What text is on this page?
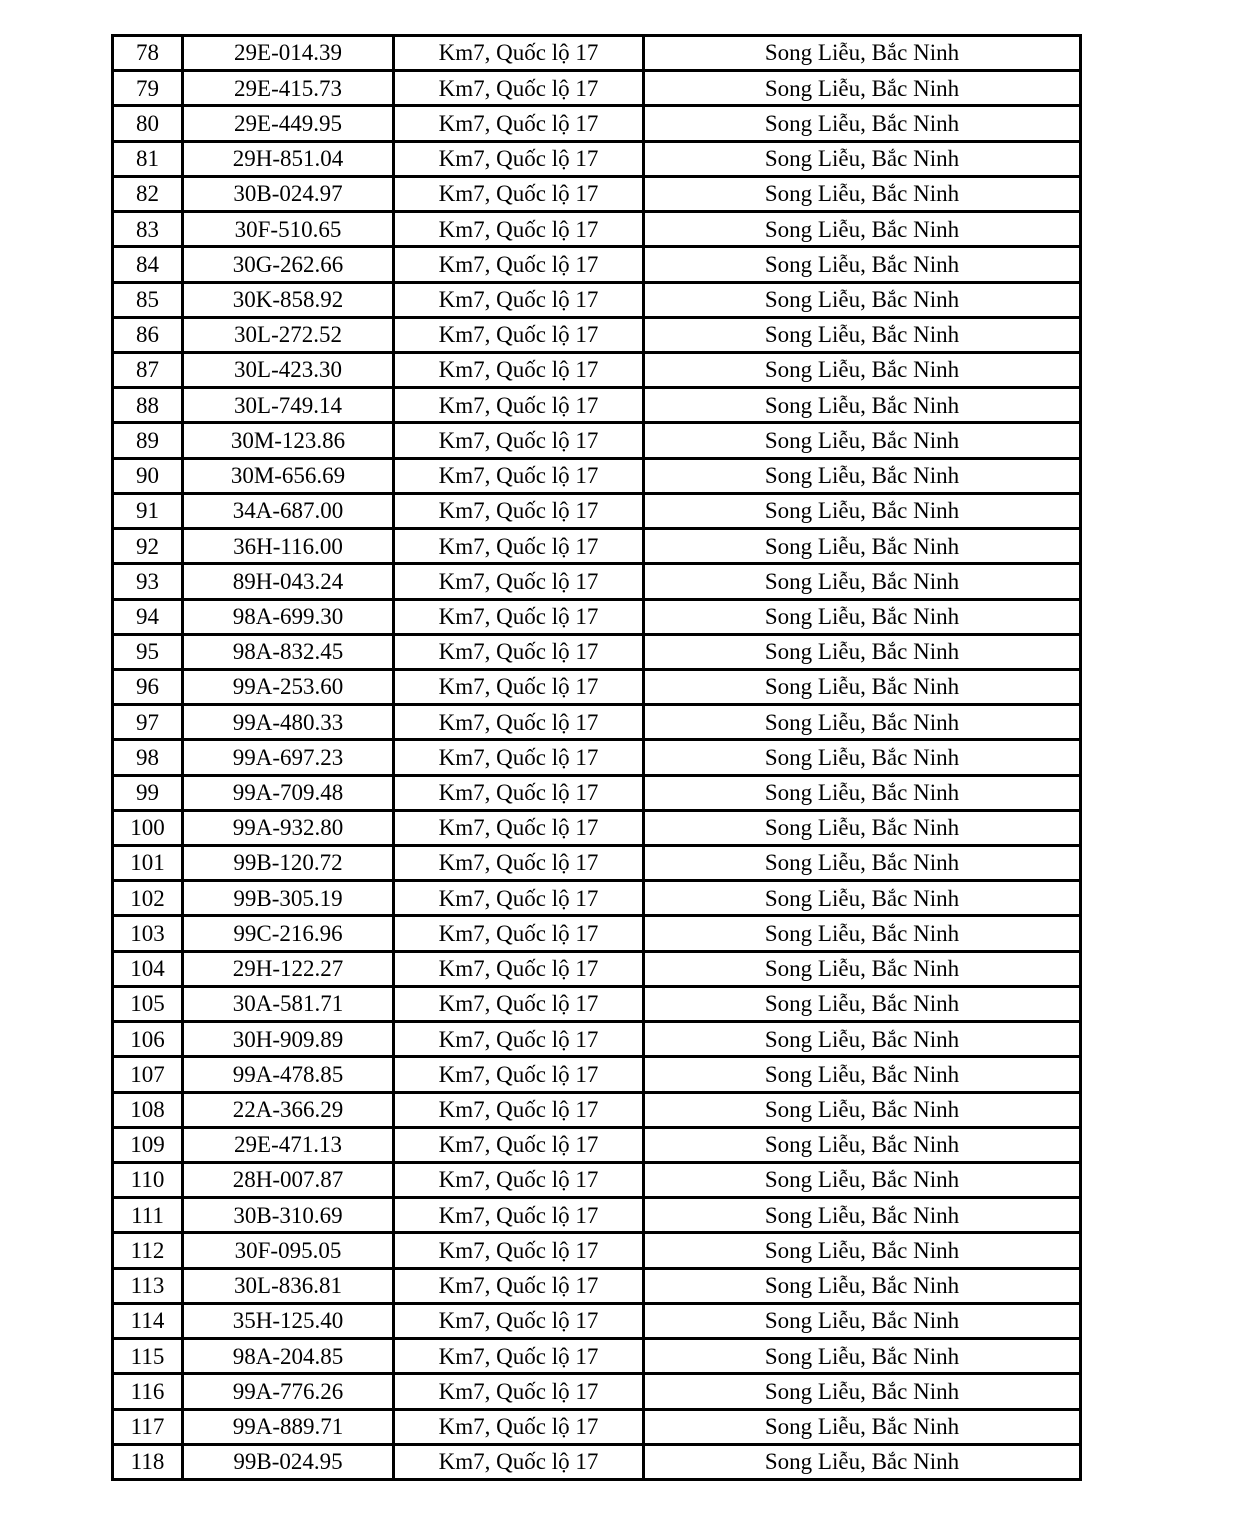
78	29E-014.39	Km7, Quốc lộ 17	Song Liễu, Bắc Ninh
79	29E-415.73	Km7, Quốc lộ 17	Song Liễu, Bắc Ninh
80	29E-449.95	Km7, Quốc lộ 17	Song Liễu, Bắc Ninh
81	29H-851.04	Km7, Quốc lộ 17	Song Liễu, Bắc Ninh
82	30B-024.97	Km7, Quốc lộ 17	Song Liễu, Bắc Ninh
83	30F-510.65	Km7, Quốc lộ 17	Song Liễu, Bắc Ninh
84	30G-262.66	Km7, Quốc lộ 17	Song Liễu, Bắc Ninh
85	30K-858.92	Km7, Quốc lộ 17	Song Liễu, Bắc Ninh
86	30L-272.52	Km7, Quốc lộ 17	Song Liễu, Bắc Ninh
87	30L-423.30	Km7, Quốc lộ 17	Song Liễu, Bắc Ninh
88	30L-749.14	Km7, Quốc lộ 17	Song Liễu, Bắc Ninh
89	30M-123.86	Km7, Quốc lộ 17	Song Liễu, Bắc Ninh
90	30M-656.69	Km7, Quốc lộ 17	Song Liễu, Bắc Ninh
91	34A-687.00	Km7, Quốc lộ 17	Song Liễu, Bắc Ninh
92	36H-116.00	Km7, Quốc lộ 17	Song Liễu, Bắc Ninh
93	89H-043.24	Km7, Quốc lộ 17	Song Liễu, Bắc Ninh
94	98A-699.30	Km7, Quốc lộ 17	Song Liễu, Bắc Ninh
95	98A-832.45	Km7, Quốc lộ 17	Song Liễu, Bắc Ninh
96	99A-253.60	Km7, Quốc lộ 17	Song Liễu, Bắc Ninh
97	99A-480.33	Km7, Quốc lộ 17	Song Liễu, Bắc Ninh
98	99A-697.23	Km7, Quốc lộ 17	Song Liễu, Bắc Ninh
99	99A-709.48	Km7, Quốc lộ 17	Song Liễu, Bắc Ninh
100	99A-932.80	Km7, Quốc lộ 17	Song Liễu, Bắc Ninh
101	99B-120.72	Km7, Quốc lộ 17	Song Liễu, Bắc Ninh
102	99B-305.19	Km7, Quốc lộ 17	Song Liễu, Bắc Ninh
103	99C-216.96	Km7, Quốc lộ 17	Song Liễu, Bắc Ninh
104	29H-122.27	Km7, Quốc lộ 17	Song Liễu, Bắc Ninh
105	30A-581.71	Km7, Quốc lộ 17	Song Liễu, Bắc Ninh
106	30H-909.89	Km7, Quốc lộ 17	Song Liễu, Bắc Ninh
107	99A-478.85	Km7, Quốc lộ 17	Song Liễu, Bắc Ninh
108	22A-366.29	Km7, Quốc lộ 17	Song Liễu, Bắc Ninh
109	29E-471.13	Km7, Quốc lộ 17	Song Liễu, Bắc Ninh
110	28H-007.87	Km7, Quốc lộ 17	Song Liễu, Bắc Ninh
111	30B-310.69	Km7, Quốc lộ 17	Song Liễu, Bắc Ninh
112	30F-095.05	Km7, Quốc lộ 17	Song Liễu, Bắc Ninh
113	30L-836.81	Km7, Quốc lộ 17	Song Liễu, Bắc Ninh
114	35H-125.40	Km7, Quốc lộ 17	Song Liễu, Bắc Ninh
115	98A-204.85	Km7, Quốc lộ 17	Song Liễu, Bắc Ninh
116	99A-776.26	Km7, Quốc lộ 17	Song Liễu, Bắc Ninh
117	99A-889.71	Km7, Quốc lộ 17	Song Liễu, Bắc Ninh
118	99B-024.95	Km7, Quốc lộ 17	Song Liễu, Bắc Ninh
